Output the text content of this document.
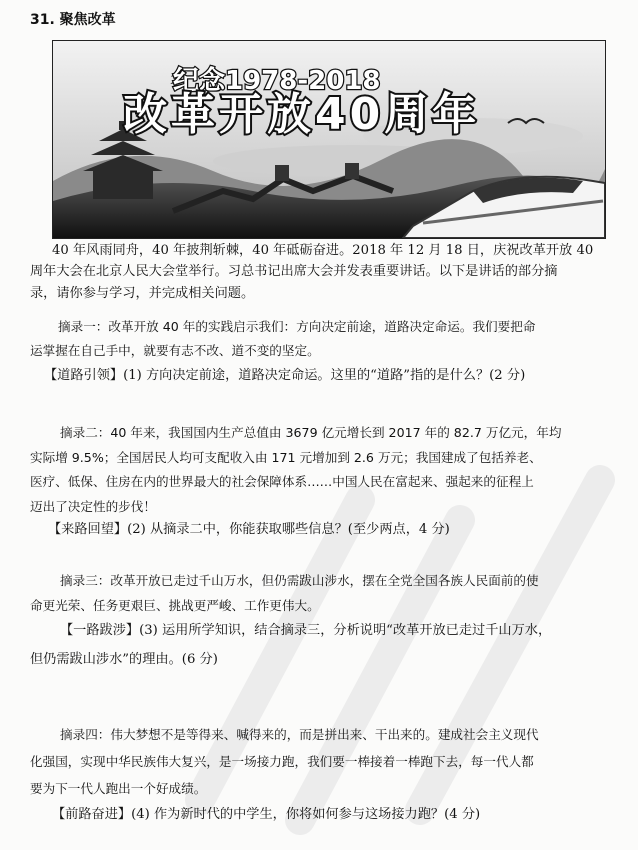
31. 聚焦改革
纪念1978-2018
改革开放40周年
40 年风雨同舟，40 年披荆斩棘，40 年砥砺奋进。2018 年 12 月 18 日，庆祝改革开放 40
周年大会在北京人民大会堂举行。习总书记出席大会并发表重要讲话。以下是讲话的部分摘
录，请你参与学习，并完成相关问题。
摘录一：改革开放 40 年的实践启示我们：方向决定前途，道路决定命运。我们要把命
运掌握在自己手中，就要有志不改、道不变的坚定。
【道路引领】(1) 方向决定前途，道路决定命运。这里的“道路”指的是什么？(2 分)
摘录二：40 年来，我国国内生产总值由 3679 亿元增长到 2017 年的 82.7 万亿元，年均
实际增 9.5%；全国居民人均可支配收入由 171 元增加到 2.6 万元；我国建成了包括养老、
医疗、低保、住房在内的世界最大的社会保障体系……中国人民在富起来、强起来的征程上
迈出了决定性的步伐！
【来路回望】(2) 从摘录二中，你能获取哪些信息？(至少两点，4 分)
摘录三：改革开放已走过千山万水，但仍需跋山涉水，摆在全党全国各族人民面前的使
命更光荣、任务更艰巨、挑战更严峻、工作更伟大。
【一路跋涉】(3) 运用所学知识，结合摘录三，分析说明“改革开放已走过千山万水，
但仍需跋山涉水”的理由。(6 分)
摘录四：伟大梦想不是等得来、喊得来的，而是拼出来、干出来的。建成社会主义现代
化强国，实现中华民族伟大复兴，是一场接力跑，我们要一棒接着一棒跑下去，每一代人都
要为下一代人跑出一个好成绩。
【前路奋进】(4) 作为新时代的中学生，你将如何参与这场接力跑？(4 分)
